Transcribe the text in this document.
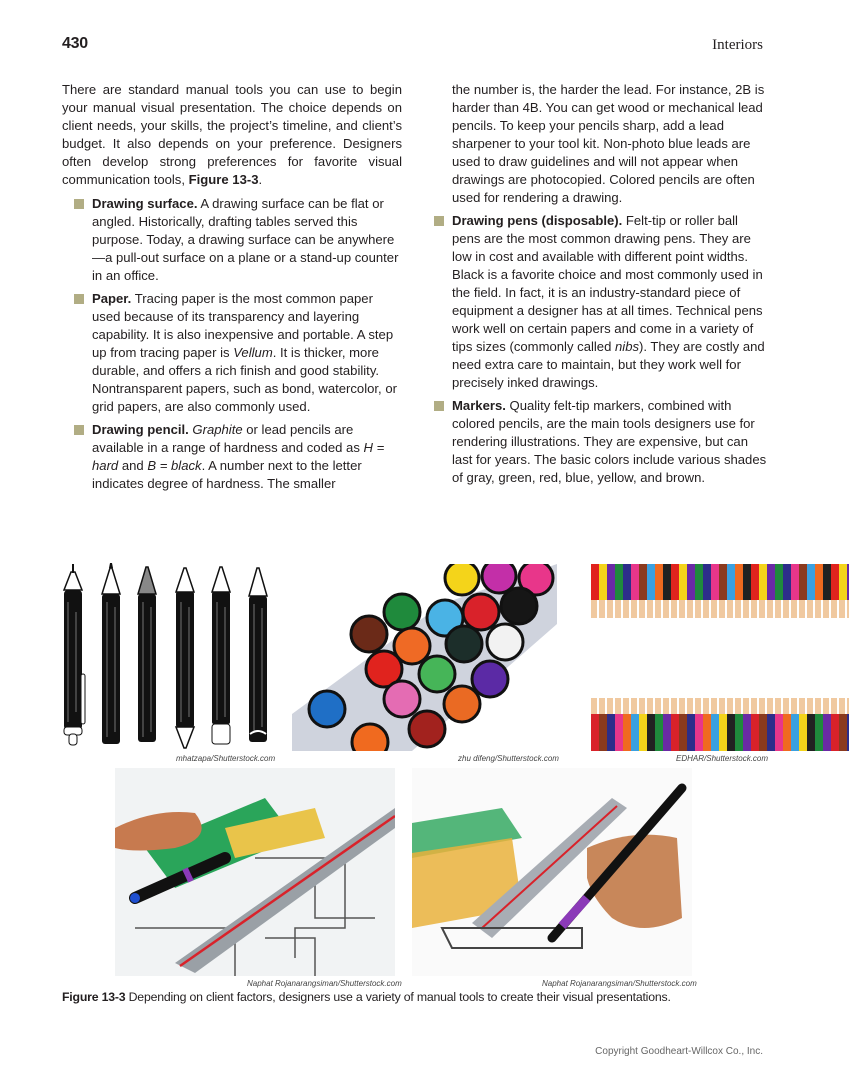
430	Interiors

There are standard manual tools you can use to begin your manual visual presentation. The choice depends on client needs, your skills, the project’s timeline, and client’s budget. It also depends on your preference. Designers often develop strong preferences for favorite visual communication tools, Figure 13-3.

Drawing surface. A drawing surface can be flat or angled. Historically, drafting tables served this purpose. Today, a drawing surface can be anywhere—a pull-out surface on a plane or a stand-up counter in an office.
Paper. Tracing paper is the most common paper used because of its transparency and layering capability. It is also inexpensive and portable. A step up from tracing paper is Vellum. It is thicker, more durable, and offers a rich finish and good stability. Nontransparent papers, such as bond, watercolor, or grid papers, are also commonly used.
Drawing pencil. Graphite or lead pencils are available in a range of hardness and coded as H = hard and B = black. A number next to the letter indicates degree of hardness. The smaller

the number is, the harder the lead. For instance, 2B is harder than 4B. You can get wood or mechanical lead pencils. To keep your pencils sharp, add a lead sharpener to your tool kit. Non-photo blue leads are used to draw guidelines and will not appear when drawings are photocopied. Colored pencils are often used for rendering a drawing.

Drawing pens (disposable). Felt-tip or roller ball pens are the most common drawing pens. They are low in cost and available with different point widths. Black is a favorite choice and most commonly used in the field. In fact, it is an industry-standard piece of equipment a designer has at all times. Technical pens work well on certain papers and come in a variety of tips sizes (commonly called nibs). They are costly and need extra care to maintain, but they work well for precisely inked drawings.
Markers. Quality felt-tip markers, combined with colored pencils, are the main tools designers use for rendering illustrations. They are expensive, but can last for years. The basic colors include various shades of gray, green, red, blue, yellow, and brown.
mhatzapa/Shutterstock.com	zhu difeng/Shutterstock.com	EDHAR/Shutterstock.com
Naphat Rojanarangsiman/Shutterstock.com	Naphat Rojanarangsiman/Shutterstock.com
Figure 13-3 Depending on client factors, designers use a variety of manual tools to create their visual presentations.
Copyright Goodheart-Willcox Co., Inc.
